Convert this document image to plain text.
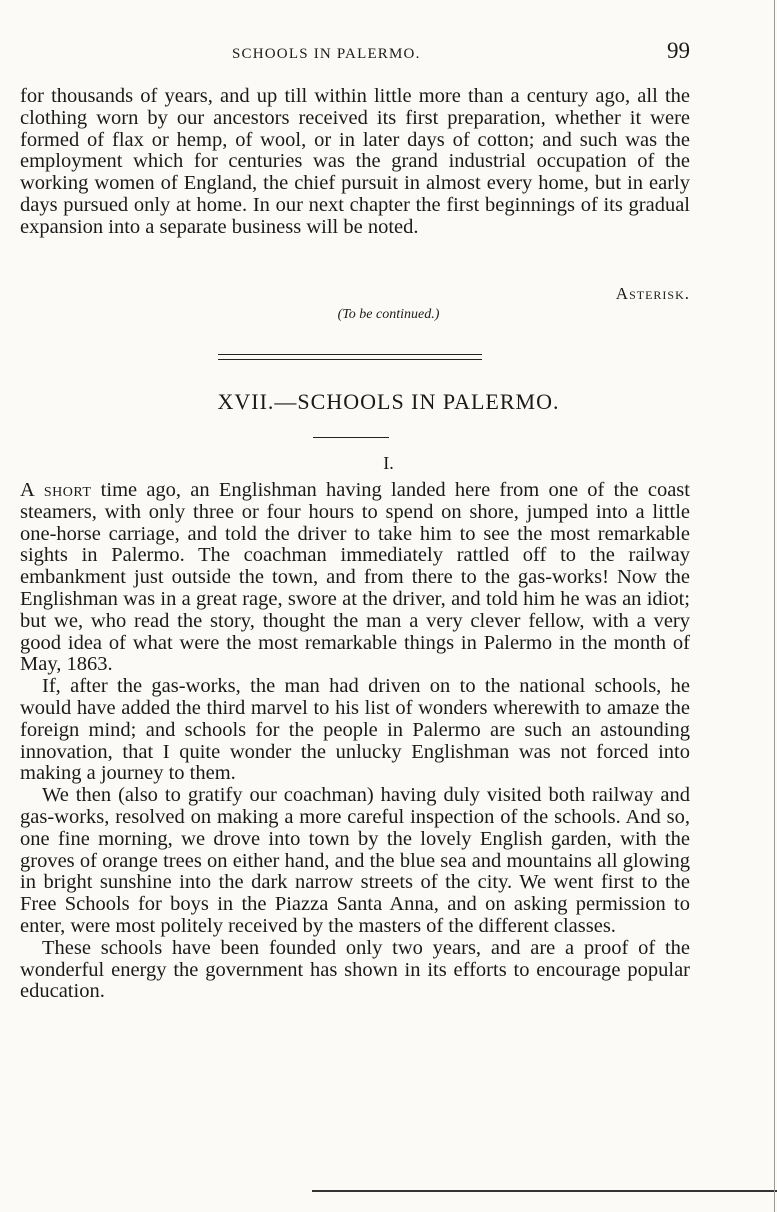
SCHOOLS IN PALERMO.	99

for thousands of years, and up till within little more than a century ago, all the clothing worn by our ancestors received its first preparation, whether it were formed of flax or hemp, of wool, or in later days of cotton; and such was the employment which for centuries was the grand industrial occupation of the working women of England, the chief pursuit in almost every home, but in early days pursued only at home. In our next chapter the first beginnings of its gradual expansion into a separate business will be noted.

Asterisk.
(To be continued.)
XVII.—SCHOOLS IN PALERMO.
I.

A short time ago, an Englishman having landed here from one of the coast steamers, with only three or four hours to spend on shore, jumped into a little one-horse carriage, and told the driver to take him to see the most remarkable sights in Palermo. The coachman immediately rattled off to the railway embankment just outside the town, and from there to the gas-works! Now the Englishman was in a great rage, swore at the driver, and told him he was an idiot; but we, who read the story, thought the man a very clever fellow, with a very good idea of what were the most remarkable things in Palermo in the month of May, 1863.

If, after the gas-works, the man had driven on to the national schools, he would have added the third marvel to his list of wonders wherewith to amaze the foreign mind; and schools for the people in Palermo are such an astounding innovation, that I quite wonder the unlucky Englishman was not forced into making a journey to them.

We then (also to gratify our coachman) having duly visited both railway and gas-works, resolved on making a more careful inspection of the schools. And so, one fine morning, we drove into town by the lovely English garden, with the groves of orange trees on either hand, and the blue sea and mountains all glowing in bright sunshine into the dark narrow streets of the city. We went first to the Free Schools for boys in the Piazza Santa Anna, and on asking permission to enter, were most politely received by the masters of the different classes.

These schools have been founded only two years, and are a proof of the wonderful energy the government has shown in its efforts to encourage popular education.
